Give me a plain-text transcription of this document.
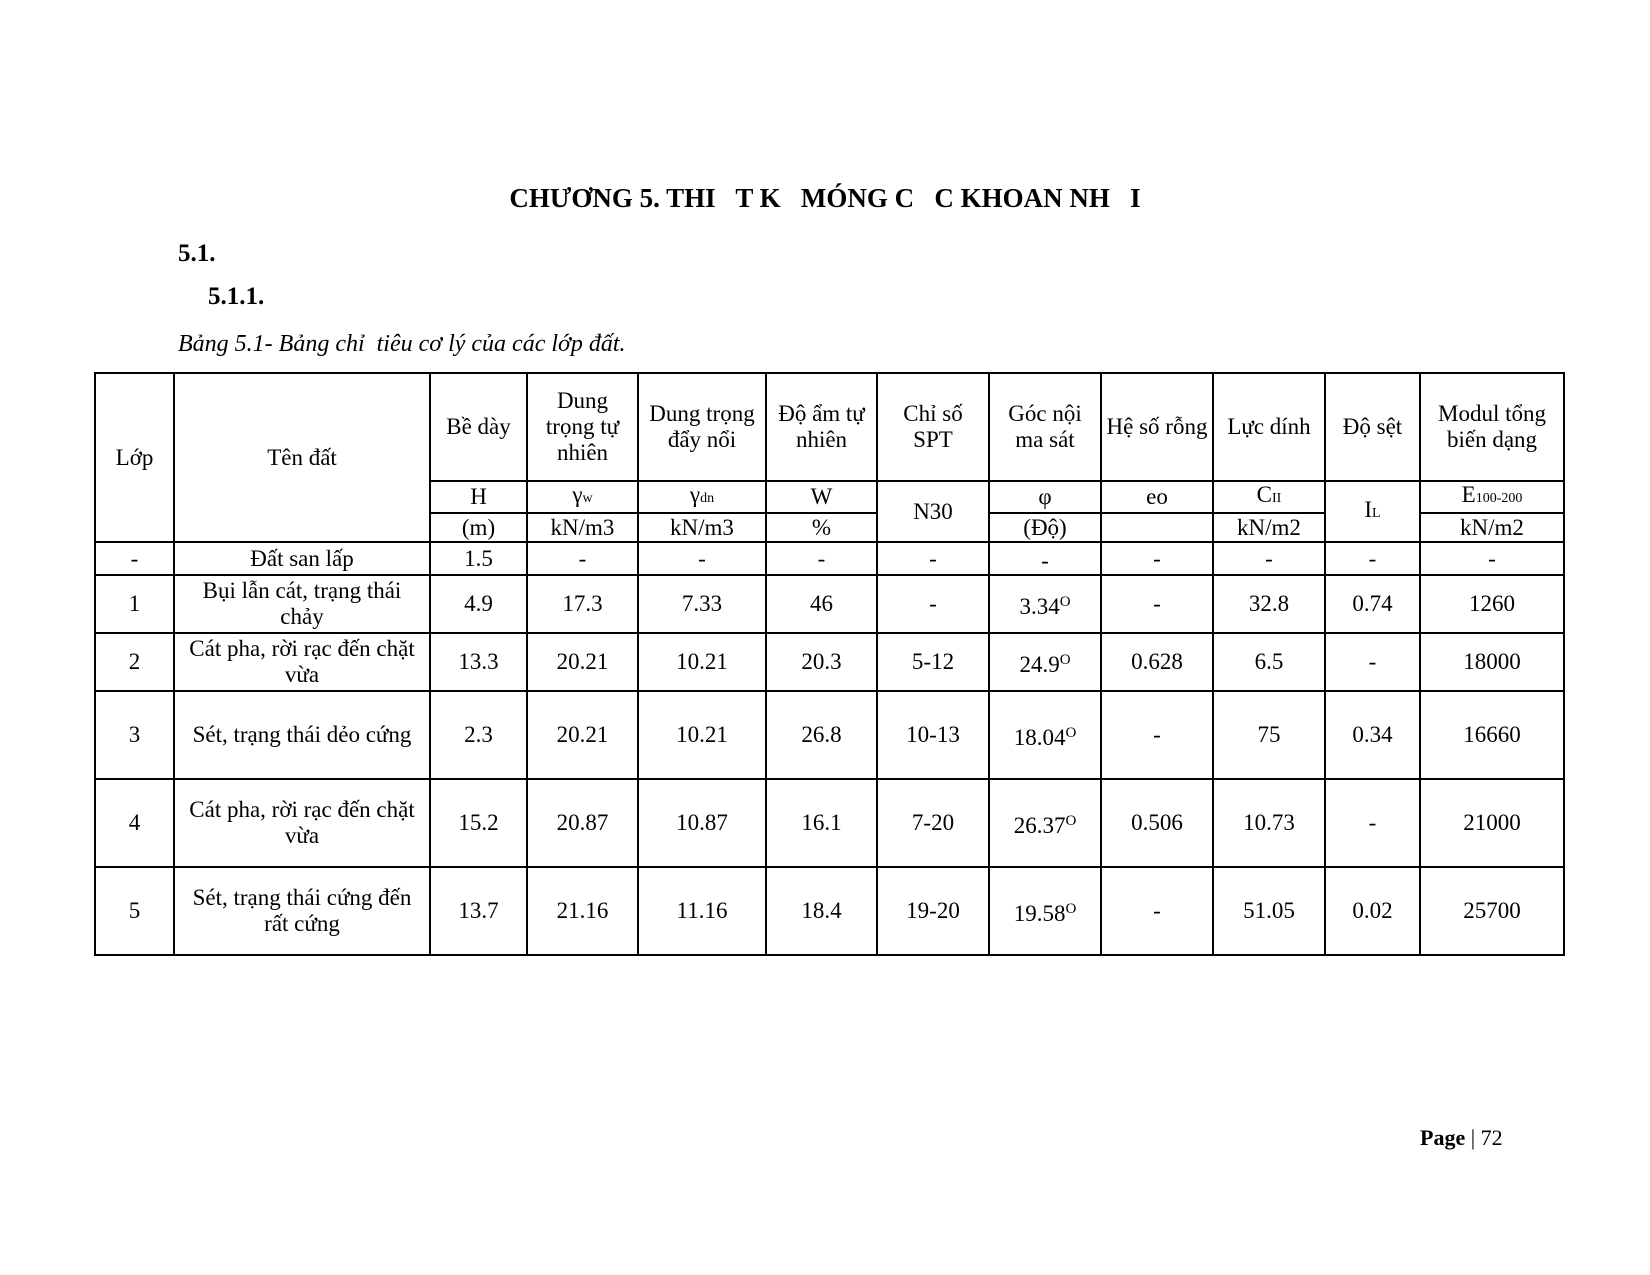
CHƯƠNG 5. THI   T K   MÓNG C   C KHOAN NH   I
5.1.
5.1.1.
Bảng 5.1- Bảng chỉ  tiêu cơ lý của các lớp đất.
Lớp	Tên đất	Bề dày	Dung trọng tự nhiên	Dung trọng đẩy nổi	Độ ẩm tự nhiên	Chỉ số SPT	Góc nội ma sát	Hệ số rỗng	Lực dính	Độ sệt	Modul tổng biến dạng
		H	γw	γdn	W	N30	φ	eo	CII	IL	E100-200
		(m)	kN/m3	kN/m3	%		(Độ)		kN/m2		kN/m2
-	Đất san lấp	1.5	-	-	-	-	-	-	-	-	-
1	Bụi lẫn cát, trạng thái chảy	4.9	17.3	7.33	46	-	$3.34^O$	-	32.8	0.74	1260
2	Cát pha, rời rạc đến chặt vừa	13.3	20.21	10.21	20.3	5-12	$24.9^O$	0.628	6.5	-	18000
3	Sét, trạng thái dẻo cứng	2.3	20.21	10.21	26.8	10-13	$18.04^O$	-	75	0.34	16660
4	Cát pha, rời rạc đến chặt vừa	15.2	20.87	10.87	16.1	7-20	$26.37^O$	0.506	10.73	-	21000
5	Sét, trạng thái cứng đến rất cứng	13.7	21.16	11.16	18.4	19-20	$19.58^O$	-	51.05	0.02	25700
Page | 72
